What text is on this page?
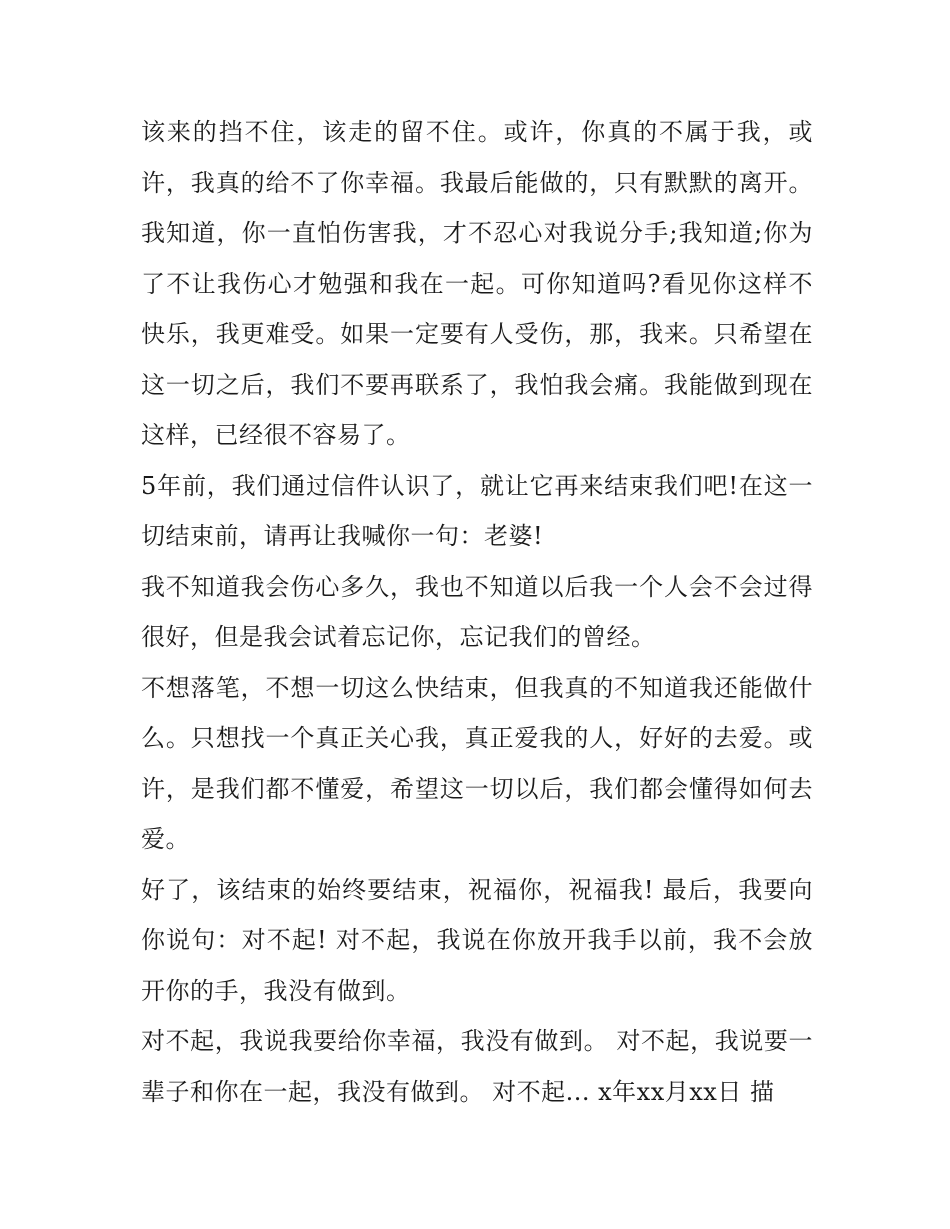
该来的挡不住，该走的留不住。或许，你真的不属于我，或许，我真的给不了你幸福。我最后能做的，只有默默的离开。我知道，你一直怕伤害我，才不忍心对我说分手;我知道;你为了不让我伤心才勉强和我在一起。可你知道吗?看见你这样不快乐，我更难受。如果一定要有人受伤，那，我来。只希望在这一切之后，我们不要再联系了，我怕我会痛。我能做到现在这样，已经很不容易了。

5年前，我们通过信件认识了，就让它再来结束我们吧!在这一切结束前，请再让我喊你一句：老婆!

我不知道我会伤心多久，我也不知道以后我一个人会不会过得很好，但是我会试着忘记你，忘记我们的曾经。

不想落笔，不想一切这么快结束，但我真的不知道我还能做什么。只想找一个真正关心我，真正爱我的人，好好的去爱。或许，是我们都不懂爱，希望这一切以后，我们都会懂得如何去爱。

好了，该结束的始终要结束，祝福你，祝福我! 最后，我要向你说句：对不起! 对不起，我说在你放开我手以前，我不会放开你的手，我没有做到。

对不起，我说我要给你幸福，我没有做到。 对不起，我说要一辈子和你在一起，我没有做到。 对不起... x年xx月xx日 描
